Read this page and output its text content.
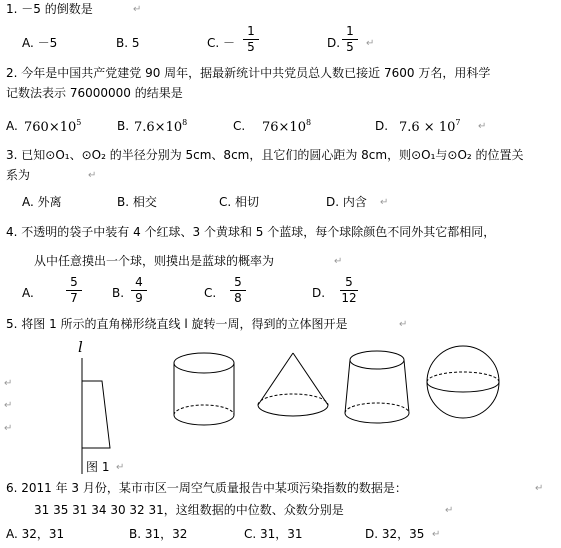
1. －5 的倒数是	↵
A. －5	B. 5	C. －
1
5	D.
1
5	↵
2. 今年是中国共产党建党 90 周年，据最新统计中共党员总人数已接近 7600 万名，用科学
记数法表示 76000000 的结果是
A. $760\times 10^5$	B. $7.6\times 10^8$	C. $76\times 10^8$	D. $7.6 \times 10^7$ ↵
3. 已知⊙O₁、⊙O₂ 的半径分别为 5cm、8cm，且它们的圆心距为 8cm，则⊙O₁与⊙O₂ 的位置关
系为	↵
A. 外离	B. 相交	C. 相切	D. 内含 ↵
4. 不透明的袋子中装有 4 个红球、3 个黄球和 5 个蓝球，每个球除颜色不同外其它都相同，
从中任意摸出一个球，则摸出是蓝球的概率为	↵
A.
5
7	B.
4
9	C.
5
8	D.
5
12
5. 将图 1 所示的直角梯形绕直线 l 旋转一周，得到的立体图开是	↵
↵
↵
↵
l
图 1 ↵
6. 2011 年 3 月份，某市市区一周空气质量报告中某项污染指数的数据是：	↵
31 35 31 34 30 32 31，这组数据的中位数、众数分别是	↵
A. 32，31	B. 31，32	C. 31，31	D. 32，35 ↵
